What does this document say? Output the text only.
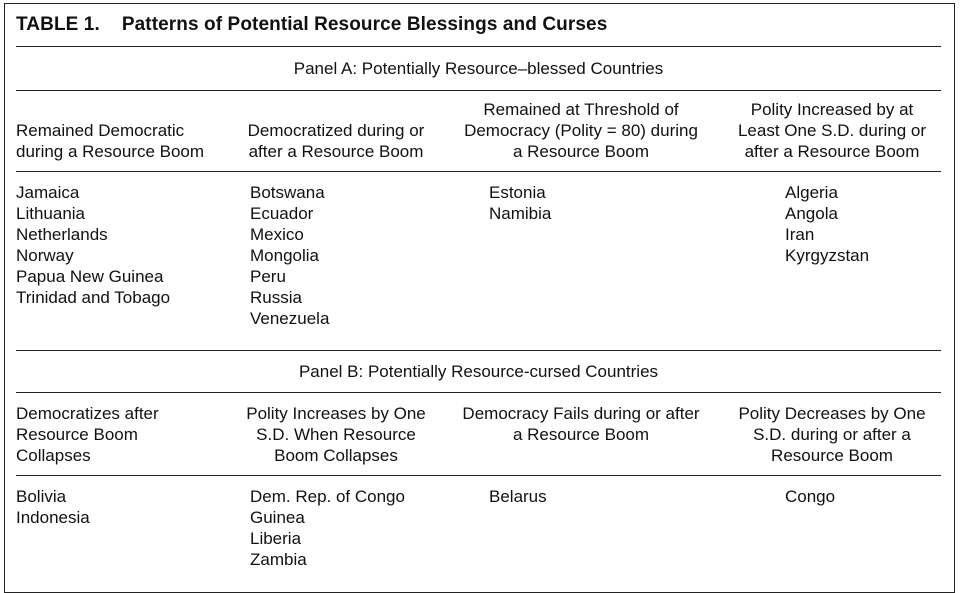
TABLE 1. Patterns of Potential Resource Blessings and Curses
Panel A: Potentially Resource–blessed Countries
Remained Democratic
during a Resource Boom
Democratized during or
after a Resource Boom
Remained at Threshold of
Democracy (Polity = 80) during
a Resource Boom
Polity Increased by at
Least One S.D. during or
after a Resource Boom
Jamaica
Lithuania
Netherlands
Norway
Papua New Guinea
Trinidad and Tobago
Botswana
Ecuador
Mexico
Mongolia
Peru
Russia
Venezuela
Estonia
Namibia
Algeria
Angola
Iran
Kyrgyzstan
Panel B: Potentially Resource-cursed Countries
Democratizes after
Resource Boom
Collapses
Polity Increases by One
S.D. When Resource
Boom Collapses
Democracy Fails during or after
a Resource Boom
Polity Decreases by One
S.D. during or after a
Resource Boom
Bolivia
Indonesia
Dem. Rep. of Congo
Guinea
Liberia
Zambia
Belarus	Congo
